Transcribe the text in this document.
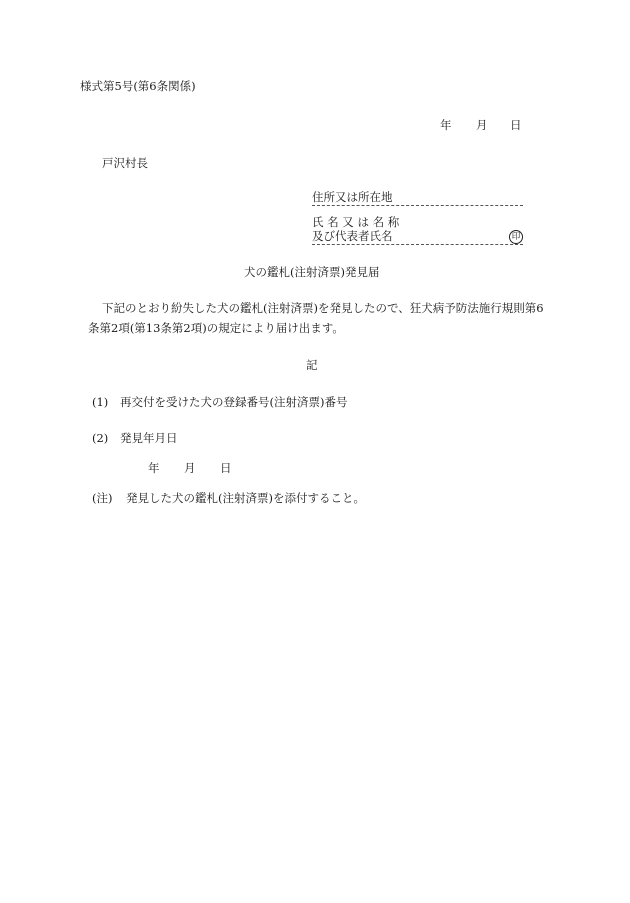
様式第5号(第6条関係)
年 月 日
戸沢村長
住所又は所在地
氏 名 又 は 名 称
及び代表者氏名	印
犬の鑑札(注射済票)発見届
下記のとおり紛失した犬の鑑札(注射済票)を発見したので、狂犬病予防法施行規則第6
条第2項(第13条第2項)の規定により届け出ます。
記
(1) 再交付を受けた犬の登録番号(注射済票)番号
(2) 発見年月日
年 月 日
(注) 発見した犬の鑑札(注射済票)を添付すること。
